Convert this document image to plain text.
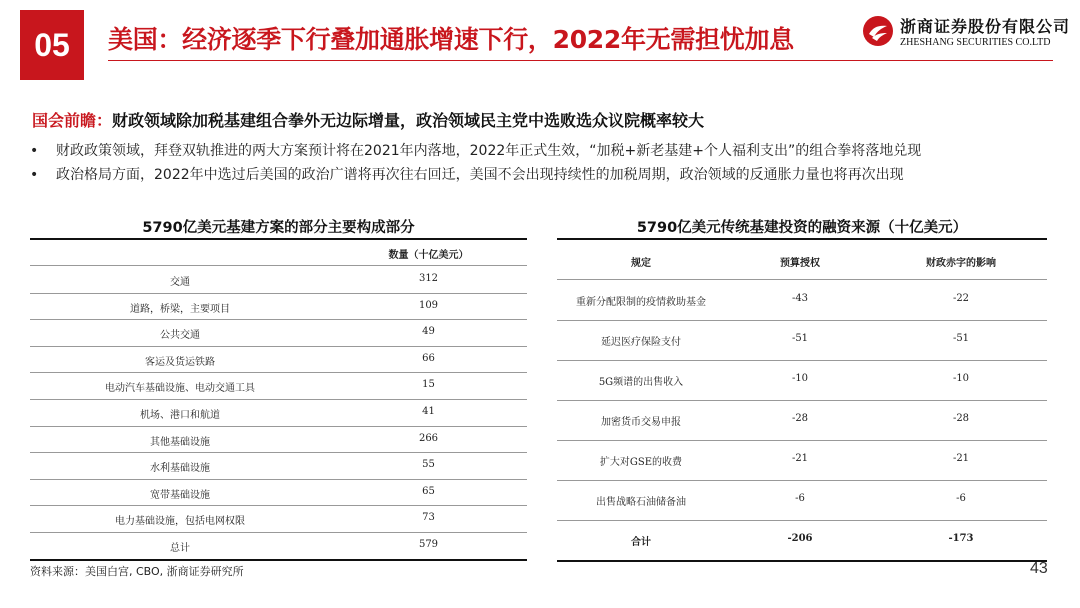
05	美国：经济逐季下行叠加通胀增速下行，2022年无需担忧加息	浙商证券股份有限公司
ZHESHANG SECURITIES CO.LTD
国会前瞻：财政领域除加税基建组合拳外无边际增量，政治领域民主党中选败选众议院概率较大
• 财政政策领域，拜登双轨推进的两大方案预计将在2021年内落地，2022年正式生效，“加税+新老基建+个人福利支出”的组合拳将落地兑现
• 政治格局方面，2022年中选过后美国的政治广谱将再次往右回迁，美国不会出现持续性的加税周期，政治领域的反通胀力量也将再次出现
5790亿美元基建方案的部分主要构成部分
数量（十亿美元）
交通	312
道路，桥梁，主要项目	109
公共交通	49
客运及货运铁路	66
电动汽车基础设施、电动交通工具	15
机场、港口和航道	41
其他基础设施	266
水利基础设施	55
宽带基础设施	65
电力基础设施，包括电网权限	73
总计	579
5790亿美元传统基建投资的融资来源（十亿美元）
规定	预算授权	财政赤字的影响
重新分配限制的疫情救助基金	-43	-22
延迟医疗保险支付	-51	-51
5G频谱的出售收入	-10	-10
加密货币交易申报	-28	-28
扩大对GSE的收费	-21	-21
出售战略石油储备油	-6	-6
合计	-206	-173
资料来源：美国白宫, CBO, 浙商证券研究所	43
